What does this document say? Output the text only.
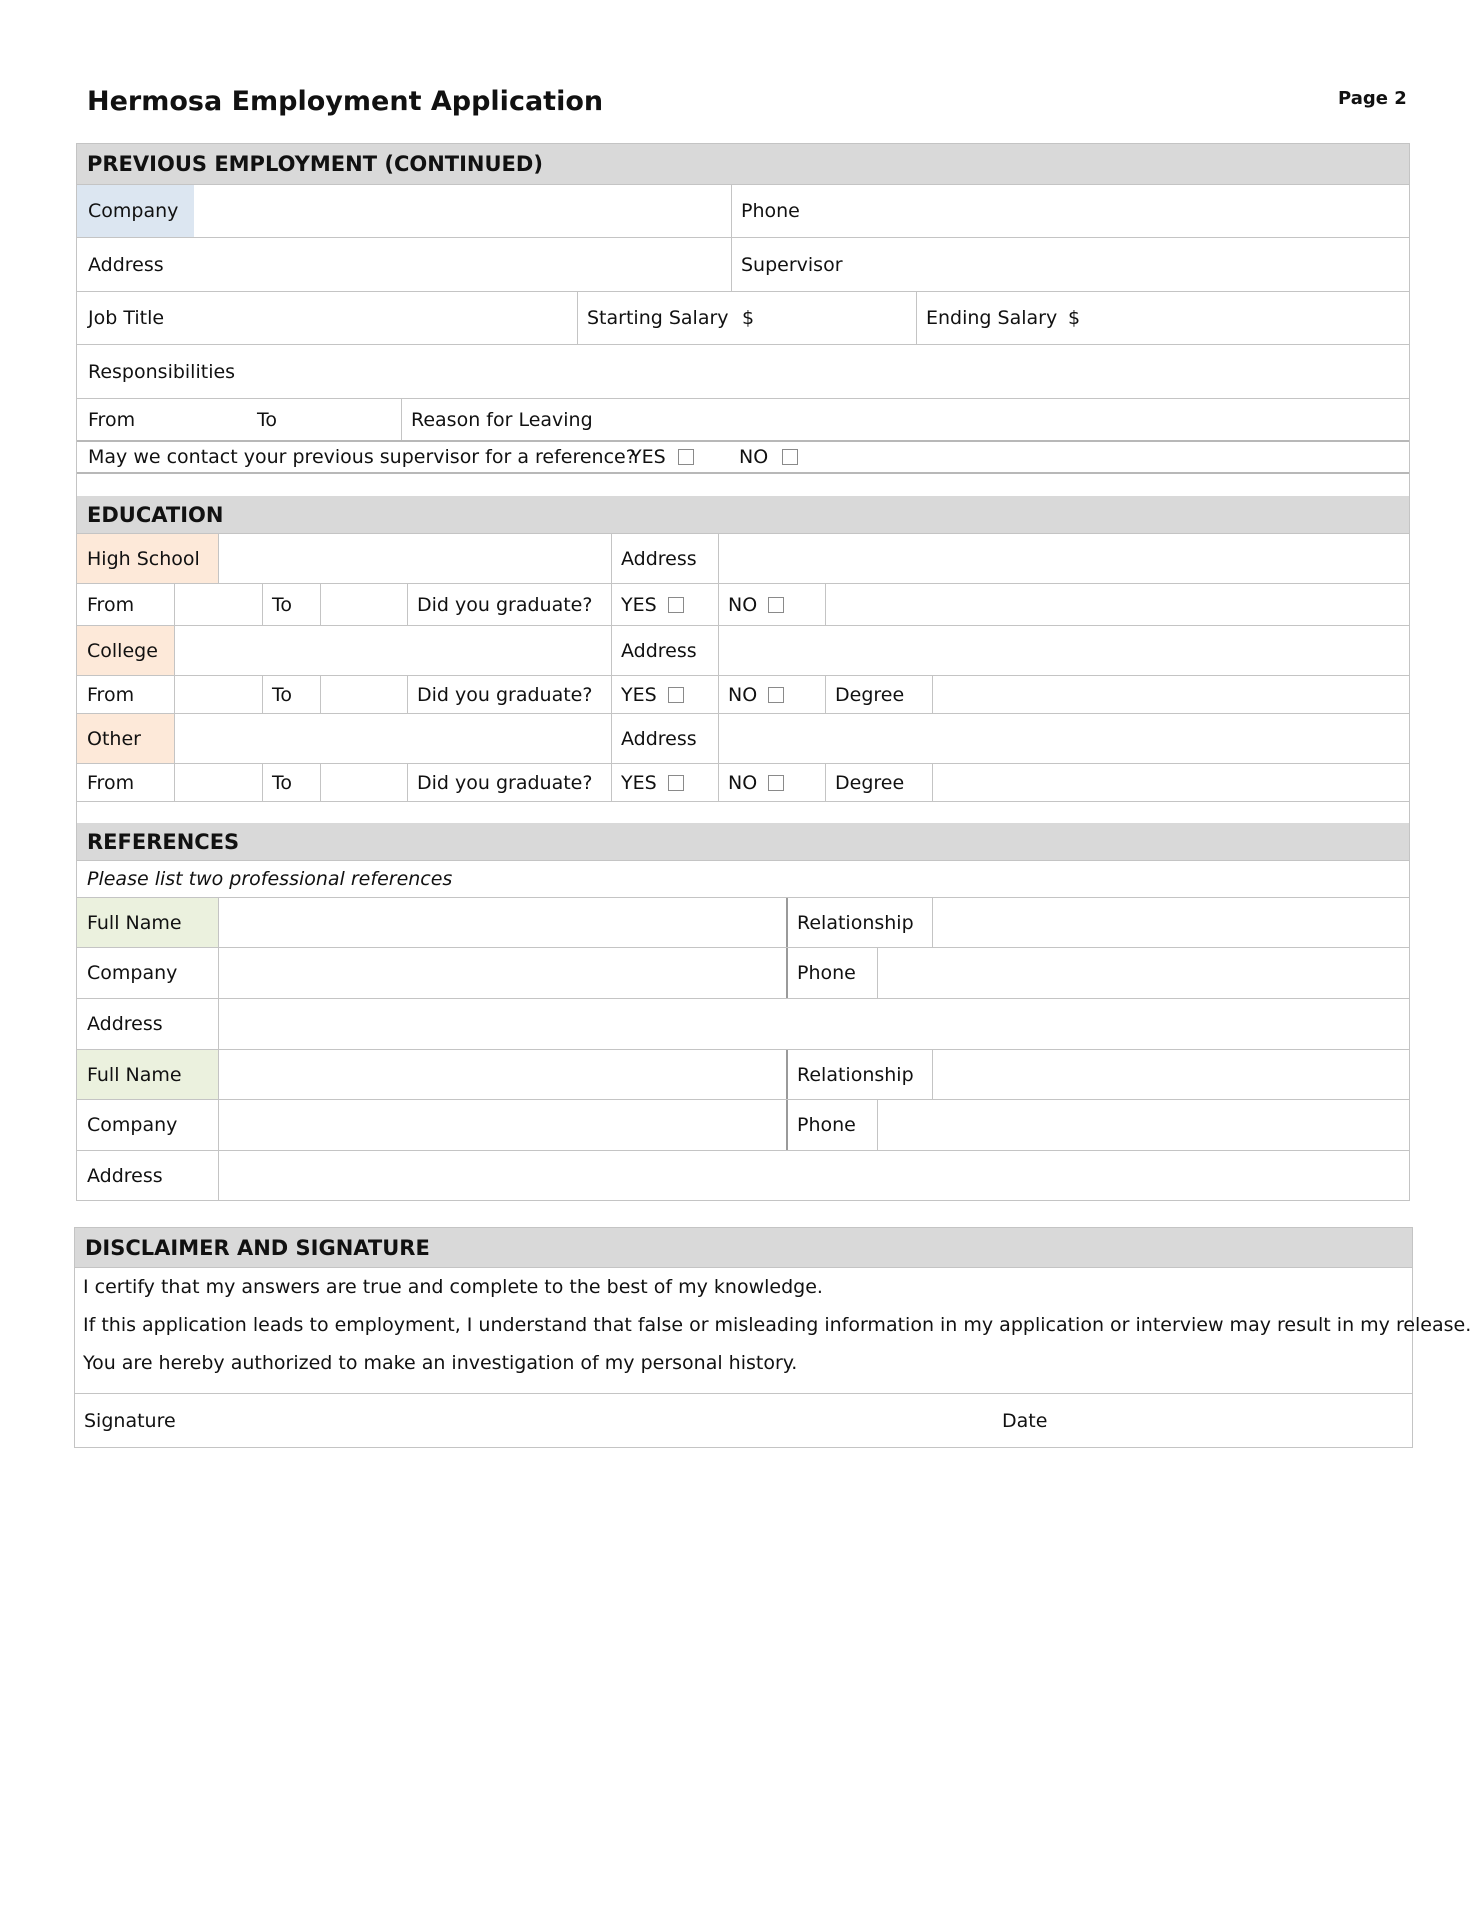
Hermosa Employment Application	Page 2
PREVIOUS EMPLOYMENT (CONTINUED)
Company	Phone
Address	Supervisor
Job Title	Starting Salary $	Ending Salary $
Responsibilities
From	To	Reason for Leaving
May we contact your previous supervisor for a reference?
YES	NO
EDUCATION
High School	Address
From	To	Did you graduate? YES	NO
College	Address
From	To	Did you graduate? YES	NO	Degree
Other	Address
From	To	Did you graduate? YES	NO	Degree
REFERENCES
Please list two professional references
Full Name	Relationship
Company	Phone
Address
Full Name	Relationship
Company	Phone
Address
DISCLAIMER AND SIGNATURE
I certify that my answers are true and complete to the best of my knowledge.
If this application leads to employment, I understand that false or misleading information in my application or interview may result in my release.
You are hereby authorized to make an investigation of my personal history.
Signature	Date
